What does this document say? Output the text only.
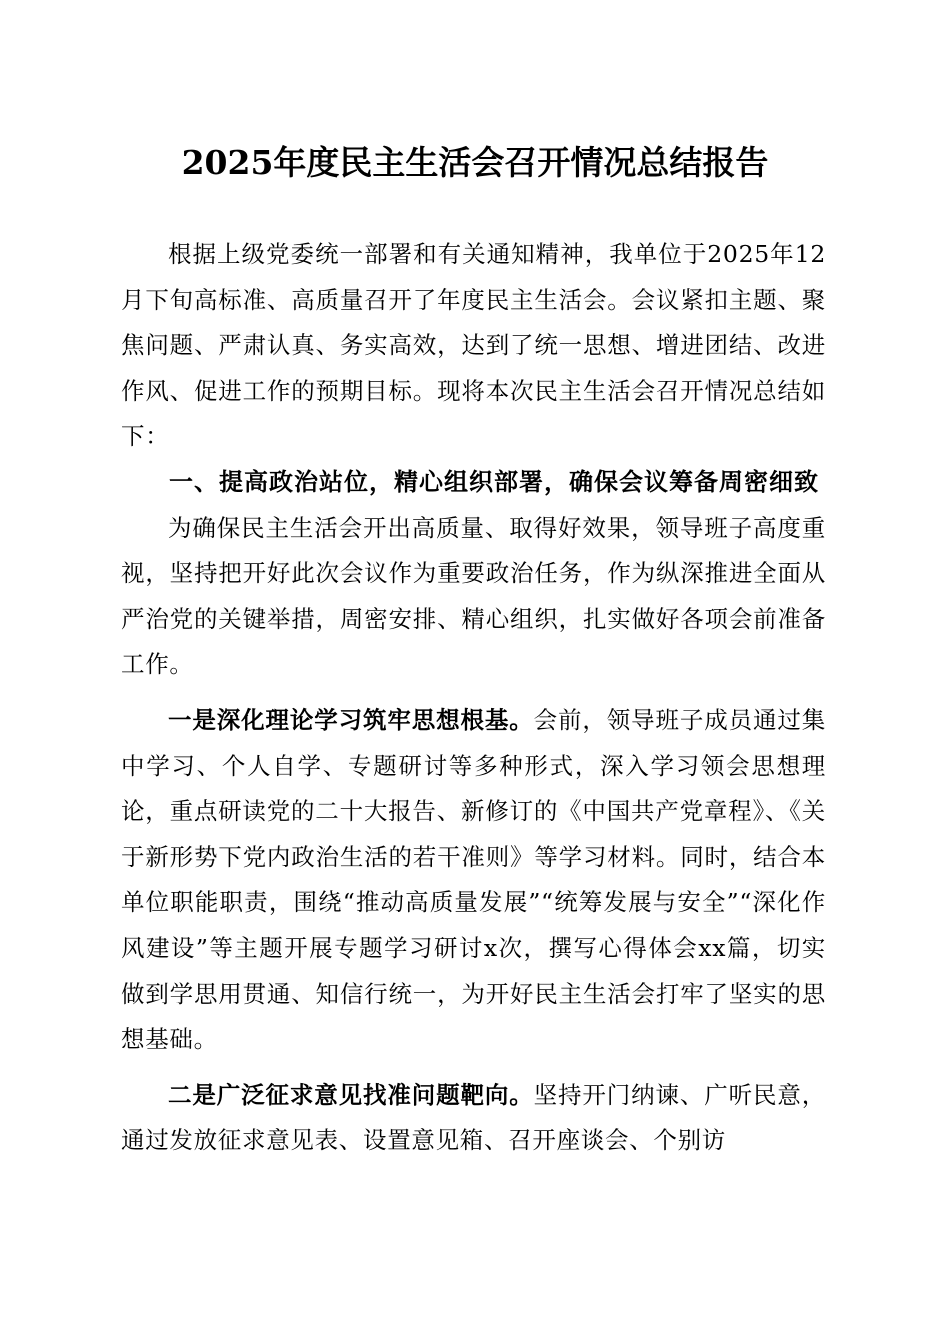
2025年度民主生活会召开情况总结报告

根据上级党委统一部署和有关通知精神，我单位于2025年12月下旬高标准、高质量召开了年度民主生活会。会议紧扣主题、聚焦问题、严肃认真、务实高效，达到了统一思想、增进团结、改进作风、促进工作的预期目标。现将本次民主生活会召开情况总结如下：

一、提高政治站位，精心组织部署，确保会议筹备周密细致

为确保民主生活会开出高质量、取得好效果，领导班子高度重视，坚持把开好此次会议作为重要政治任务，作为纵深推进全面从严治党的关键举措，周密安排、精心组织，扎实做好各项会前准备工作。

一是深化理论学习筑牢思想根基。会前，领导班子成员通过集中学习、个人自学、专题研讨等多种形式，深入学习领会思想理论，重点研读党的二十大报告、新修订的《中国共产党章程》、《关于新形势下党内政治生活的若干准则》等学习材料。同时，结合本单位职能职责，围绕“推动高质量发展”“统筹发展与安全”“深化作风建设”等主题开展专题学习研讨x次，撰写心得体会xx篇，切实做到学思用贯通、知信行统一，为开好民主生活会打牢了坚实的思想基础。

二是广泛征求意见找准问题靶向。坚持开门纳谏、广听民意，通过发放征求意见表、设置意见箱、召开座谈会、个别访
